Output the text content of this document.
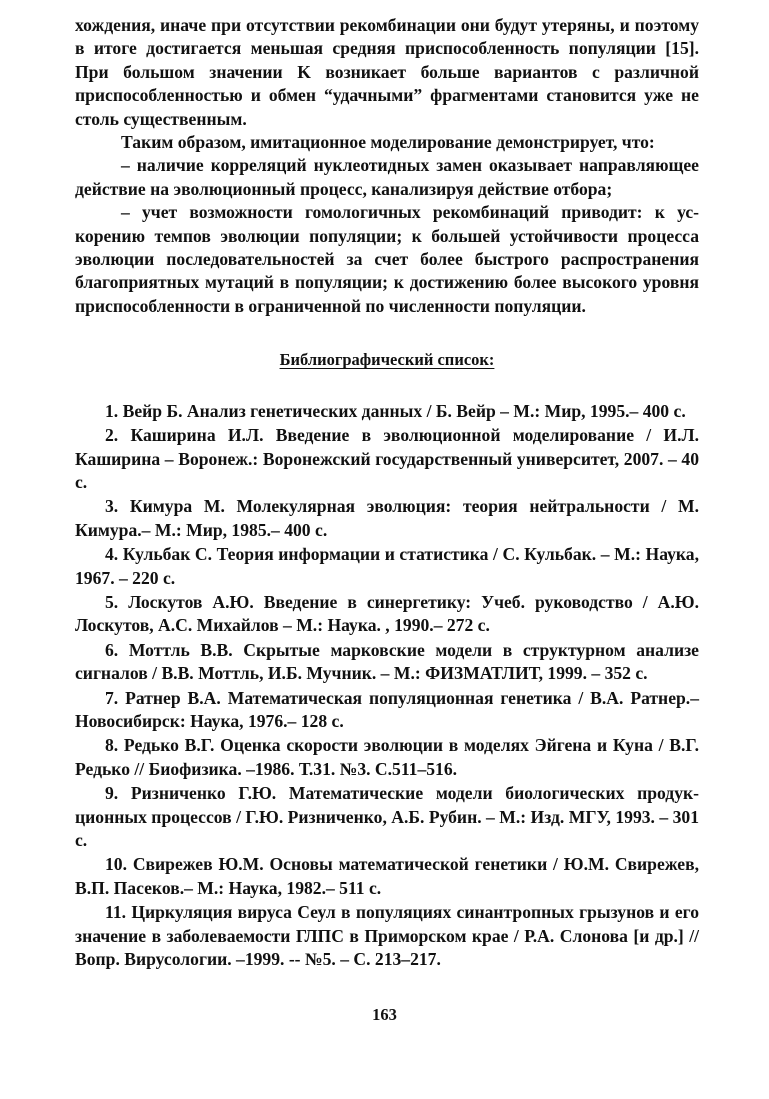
хождения, иначе при отсутствии рекомбинации они будут утеряны, и поэтому в итоге достигается меньшая средняя приспособленность популяции [15]. При большом значении K возникает больше вариантов с различной приспособленностью и обмен “удачными” фрагментами становится уже не столь существенным.

Таким образом, имитационное моделирование демонстрирует, что:

– наличие корреляций нуклеотидных замен оказывает направляющее действие на эволюционный процесс, канализируя действие отбора;

– учет возможности гомологичных рекомбинаций приводит: к ускорению темпов эволюции популяции; к большей устойчивости процесса эволюции последовательностей за счет более быстрого распространения благоприятных мутаций в популяции; к достижению более высокого уровня приспособленности в ограниченной по численности популяции.

Библиографический список:

1. Вейр Б. Анализ генетических данных / Б. Вейр – М.: Мир, 1995.– 400 с.

2. Каширина И.Л. Введение в эволюционной моделирование / И.Л. Каширина – Воронеж.: Воронежский государственный университет, 2007. – 40 с.

3. Кимура М. Молекулярная эволюция: теория нейтральности / М. Кимура.– М.: Мир, 1985.– 400 с.

4. Кульбак С. Теория информации и статистика / С. Кульбак. – М.: Наука, 1967. – 220 с.

5. Лоскутов А.Ю. Введение в синергетику: Учеб. руководство / А.Ю. Лоскутов, А.С. Михайлов – М.: Наука. , 1990.– 272 с.

6. Моттль В.В. Скрытые марковские модели в структурном анализе сигналов / В.В. Моттль, И.Б. Мучник. – М.: ФИЗМАТЛИТ, 1999. – 352 с.

7. Ратнер В.А. Математическая популяционная генетика / В.А. Ратнер.– Новосибирск: Наука, 1976.– 128 с.

8. Редько В.Г. Оценка скорости эволюции в моделях Эйгена и Куна / В.Г. Редько // Биофизика. –1986. Т.31. №3. С.511–516.

9. Ризниченко Г.Ю. Математические модели биологических продукционных процессов / Г.Ю. Ризниченко, А.Б. Рубин. – М.: Изд. МГУ, 1993. – 301 с.

10. Свирежев Ю.М. Основы математической генетики / Ю.М. Свирежев, В.П. Пасеков.– М.: Наука, 1982.– 511 с.

11. Циркуляция вируса Сеул в популяциях синантропных грызунов и его значение в заболеваемости ГЛПС в Приморском крае / Р.А. Слонова [и др.] // Вопр. Вирусологии. –1999. -- №5. – С. 213–217.

163
